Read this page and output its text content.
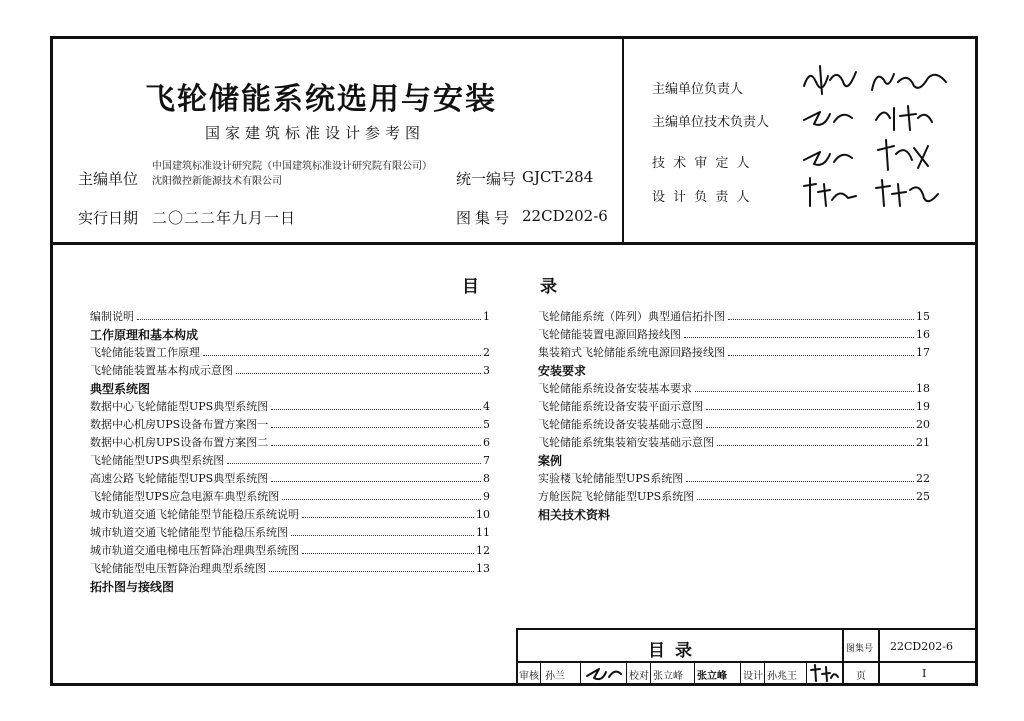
飞轮储能系统选用与安装
国家建筑标准设计参考图
主编单位
中国建筑标准设计研究院（中国建筑标准设计研究院有限公司）
沈阳微控新能源技术有限公司	统一编号 GJCT-284
实行日期 二〇二二年九月一日	图集号 22CD202-6
主编单位负责人
主编单位技术负责人
技 术 审 定 人
设 计 负 责 人
目	录
编制说明	1
工作原理和基本构成
飞轮储能装置工作原理	2
飞轮储能装置基本构成示意图	3
典型系统图
数据中心飞轮储能型UPS典型系统图	4
数据中心机房UPS设备布置方案图一	5
数据中心机房UPS设备布置方案图二	6
飞轮储能型UPS典型系统图	7
高速公路飞轮储能型UPS典型系统图	8
飞轮储能型UPS应急电源车典型系统图	9
城市轨道交通飞轮储能型节能稳压系统说明	10
城市轨道交通飞轮储能型节能稳压系统图	11
城市轨道交通电梯电压暂降治理典型系统图	12
飞轮储能型电压暂降治理典型系统图	13
拓扑图与接线图
飞轮储能系统（阵列）典型通信拓扑图	15
飞轮储能装置电源回路接线图	16
集装箱式飞轮储能系统电源回路接线图	17
安装要求
飞轮储能系统设备安装基本要求	18
飞轮储能系统设备安装平面示意图	19
飞轮储能系统设备安装基础示意图	20
飞轮储能系统集装箱安装基础示意图	21
案例
实验楼飞轮储能型UPS系统图	22
方舱医院飞轮储能型UPS系统图	25
相关技术资料
目录	图集号 22CD202-6
审核 孙兰	校对 张立峰 张立峰 设计 孙兆王	页	I
